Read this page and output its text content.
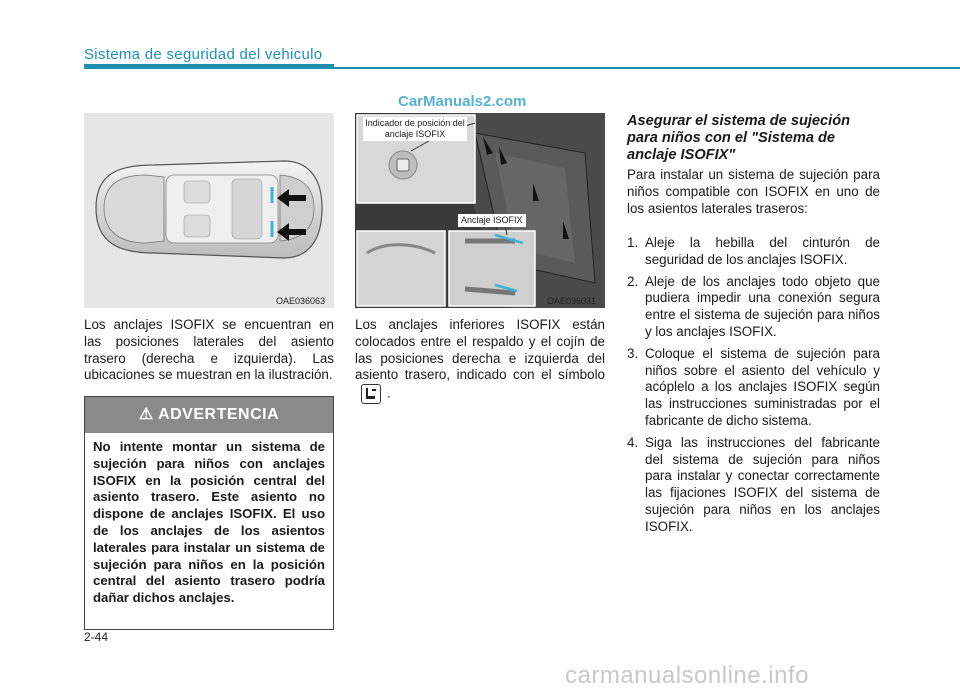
Sistema de seguridad del vehiculo
CarManuals2.com
OAE036063
Indicador de posición del anclaje ISOFIX
Anclaje ISOFIX
OAE036031
Los anclajes ISOFIX se encuentran en las posiciones laterales del asiento trasero (derecha e izquierda). Las ubicaciones se muestran en la ilustración.
⚠ ADVERTENCIA
No intente montar un sistema de sujeción para niños con anclajes ISOFIX en la posición central del asiento trasero. Este asiento no dispone de anclajes ISOFIX. El uso de los anclajes de los asientos laterales para instalar un sistema de sujeción para niños en la posición central del asiento trasero podría dañar dichos anclajes.
Los anclajes inferiores ISOFIX están colocados entre el respaldo y el cojín de las posiciones derecha e izquierda del asiento trasero, indicado con el símbolo.
Asegurar el sistema de sujeción para niños con el "Sistema de anclaje ISOFIX"
Para instalar un sistema de sujeción para niños compatible con ISOFIX en uno de los asientos laterales traseros:
1. Aleje la hebilla del cinturón de seguridad de los anclajes ISOFIX.
2. Aleje de los anclajes todo objeto que pudiera impedir una conexión segura entre el sistema de sujeción para niños y los anclajes ISOFIX.
3. Coloque el sistema de sujeción para niños sobre el asiento del vehículo y acóplelo a los anclajes ISOFIX según las instrucciones suministradas por el fabricante de dicho sistema.
4. Siga las instrucciones del fabricante del sistema de sujeción para niños para instalar y conectar correctamente las fijaciones ISOFIX del sistema de sujeción para niños en los anclajes ISOFIX.
2-44
carmanualsonline.info
